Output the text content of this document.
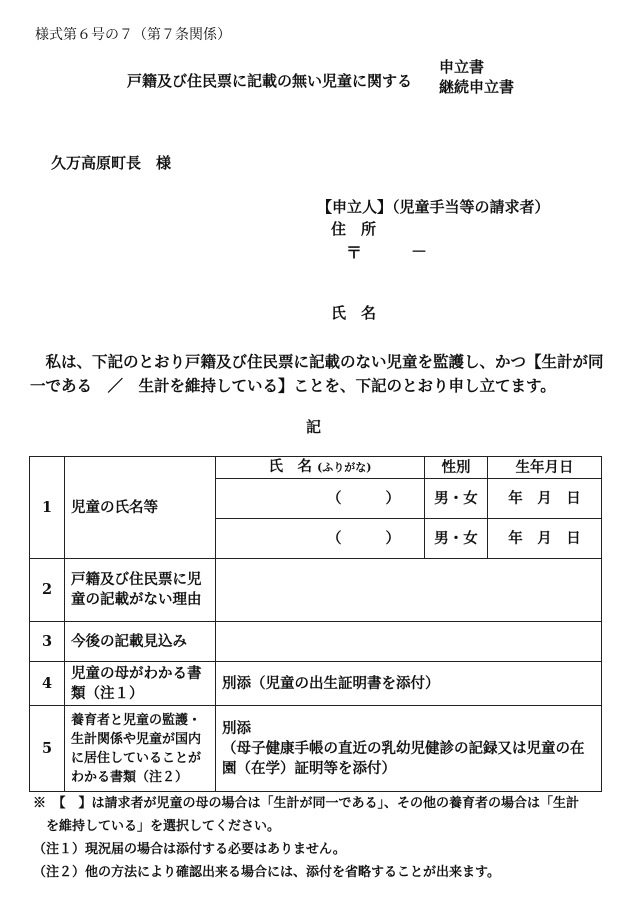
様式第６号の７（第７条関係）
戸籍及び住民票に記載の無い児童に関する
申立書
継続申立書
久万高原町長　様
【申立人】（児童手当等の請求者）
住　所
〒	－
氏　名
私は、下記のとおり戸籍及び住民票に記載のない児童を監護し、かつ【生計が同一である　／　生計を維持している】ことを、下記のとおり申し立てます。
記
1	児童の氏名等	氏　名 (ふりがな)	性別	生年月日

		（ ）	男・女	年　月　日

		（ ）	男・女	年　月　日
2	戸籍及び住民票に児童の記載がない理由			
3	今後の記載見込み			
4	児童の母がわかる書類（注１）	別添（児童の出生証明書を添付）		
5	養育者と児童の監護・生計関係や児童が国内に居住していることがわかる書類（注２）	別添
（母子健康手帳の直近の乳幼児健診の記録又は児童の在園（在学）証明等を添付）		
※　【　】は請求者が児童の母の場合は「生計が同一である」、その他の養育者の場合は「生計
　を維持している」を選択してください。
（注１）現況届の場合は添付する必要はありません。
（注２）他の方法により確認出来る場合には、添付を省略することが出来ます。
